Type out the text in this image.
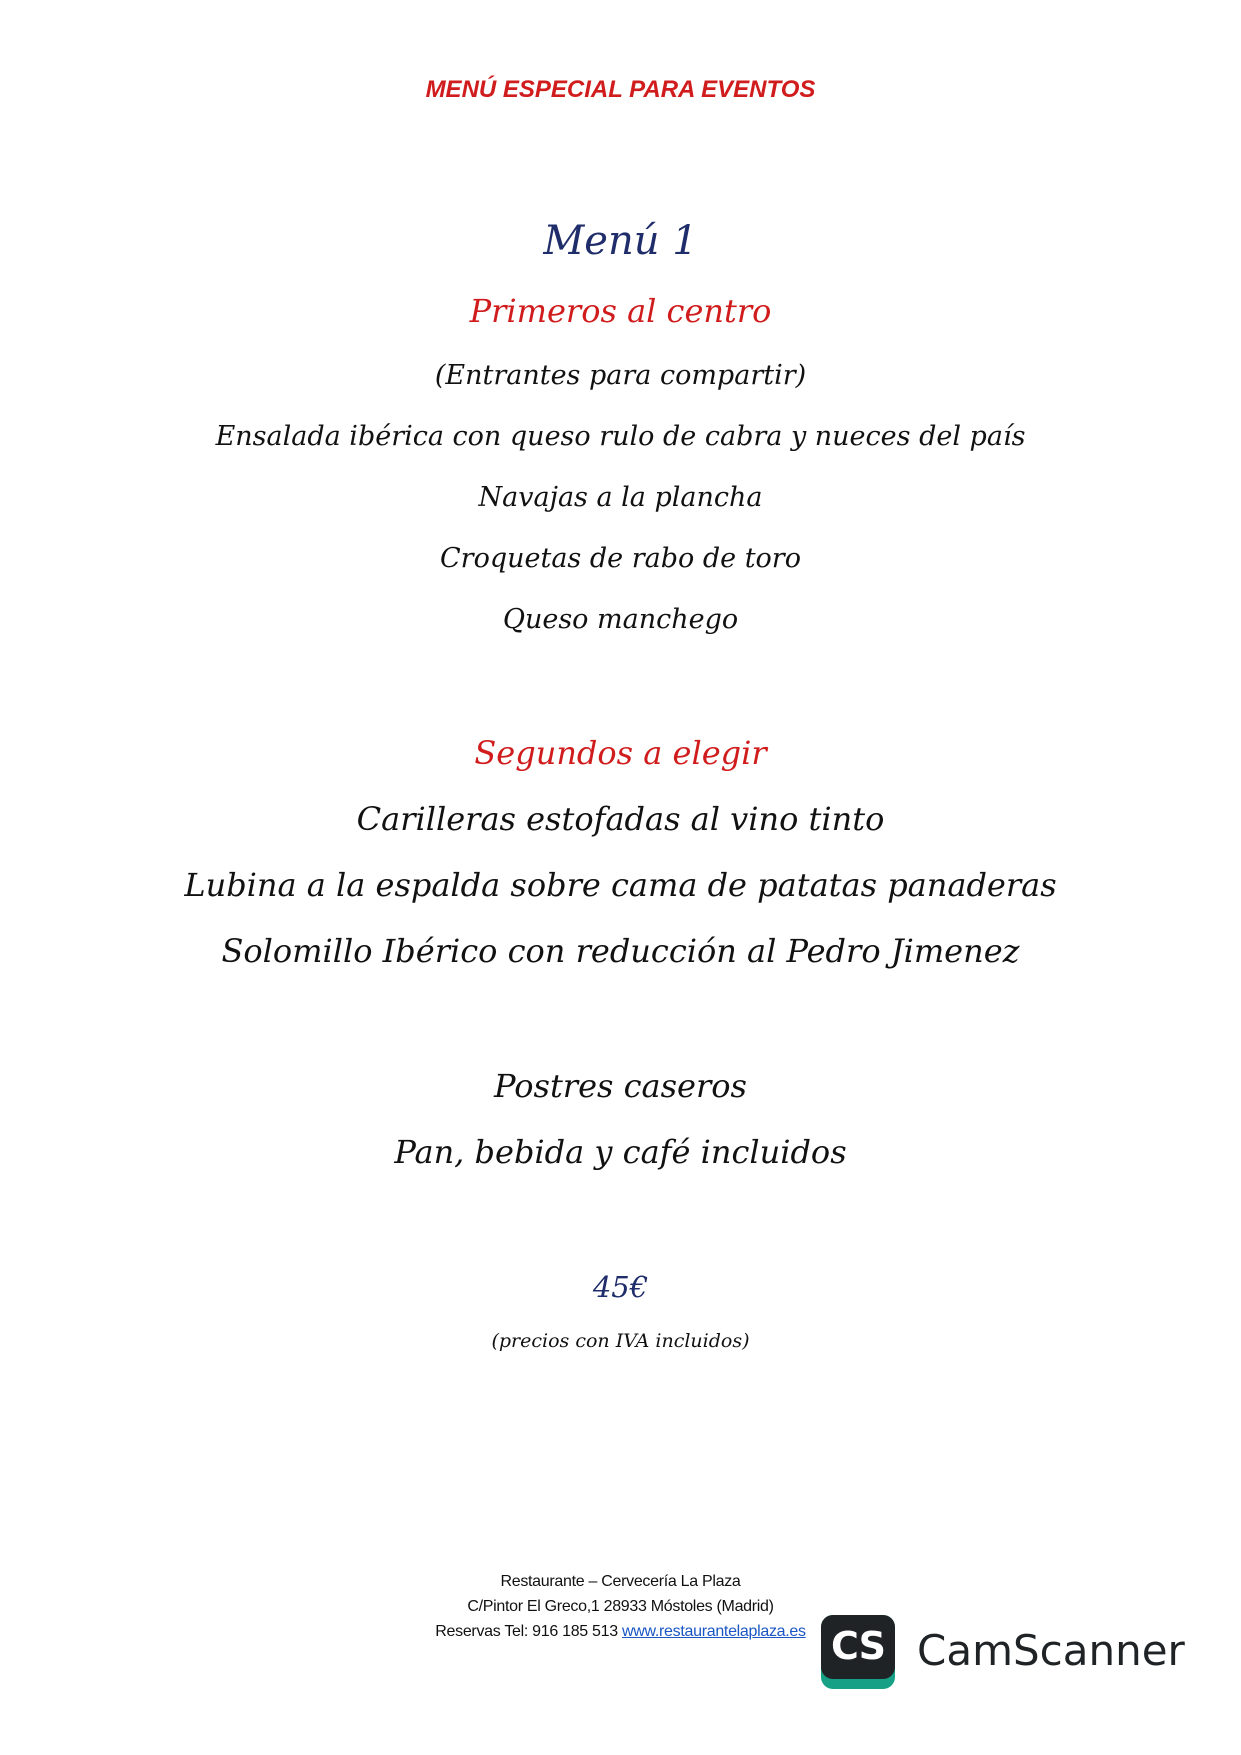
MENÚ ESPECIAL PARA EVENTOS
Menú 1
Primeros al centro
(Entrantes para compartir)
Ensalada ibérica con queso rulo de cabra y nueces del país
Navajas a la plancha
Croquetas de rabo de toro
Queso manchego
Segundos a elegir
Carilleras estofadas al vino tinto
Lubina a la espalda sobre cama de patatas panaderas
Solomillo Ibérico con reducción al Pedro Jimenez
Postres caseros
Pan, bebida y café incluidos
45€
(precios con IVA incluidos)
Restaurante – Cervecería La Plaza
C/Pintor El Greco,1 28933 Móstoles (Madrid)
Reservas Tel: 916 185 513 www.restaurantelaplaza.es CS CamScanner
